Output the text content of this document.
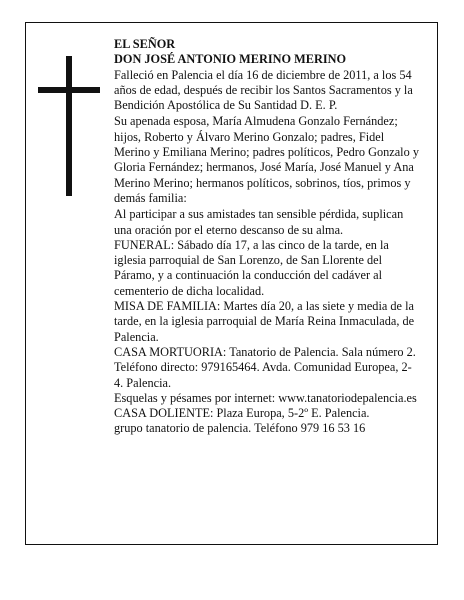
EL SEÑOR

DON JOSÉ ANTONIO MERINO MERINO

Falleció en Palencia el día 16 de diciembre de 2011, a los 54 años de edad, después de recibir los Santos Sacramentos y la Bendición Apostólica de Su Santidad D. E. P.

Su apenada esposa, María Almudena Gonzalo Fernández; hijos, Roberto y Álvaro Merino Gonzalo; padres, Fidel Merino y Emiliana Merino; padres políticos, Pedro Gonzalo y Gloria Fernández; hermanos, José María, José Manuel y Ana Merino Merino; hermanos políticos, sobrinos, tíos, primos y demás familia:

Al participar a sus amistades tan sensible pérdida, suplican una oración por el eterno descanso de su alma.

FUNERAL: Sábado día 17, a las cinco de la tarde, en la iglesia parroquial de San Lorenzo, de San Llorente del Páramo, y a continuación la conducción del cadáver al cementerio de dicha localidad.

MISA DE FAMILIA: Martes día 20, a las siete y media de la tarde, en la iglesia parroquial de María Reina Inmaculada, de Palencia.

CASA MORTUORIA: Tanatorio de Palencia. Sala número 2. Teléfono directo: 979165464. Avda. Comunidad Europea, 2-4. Palencia.

Esquelas y pésames por internet: www.tanatoriodepalencia.es

CASA DOLIENTE: Plaza Europa, 5-2º E. Palencia.

grupo tanatorio de palencia. Teléfono 979 16 53 16
